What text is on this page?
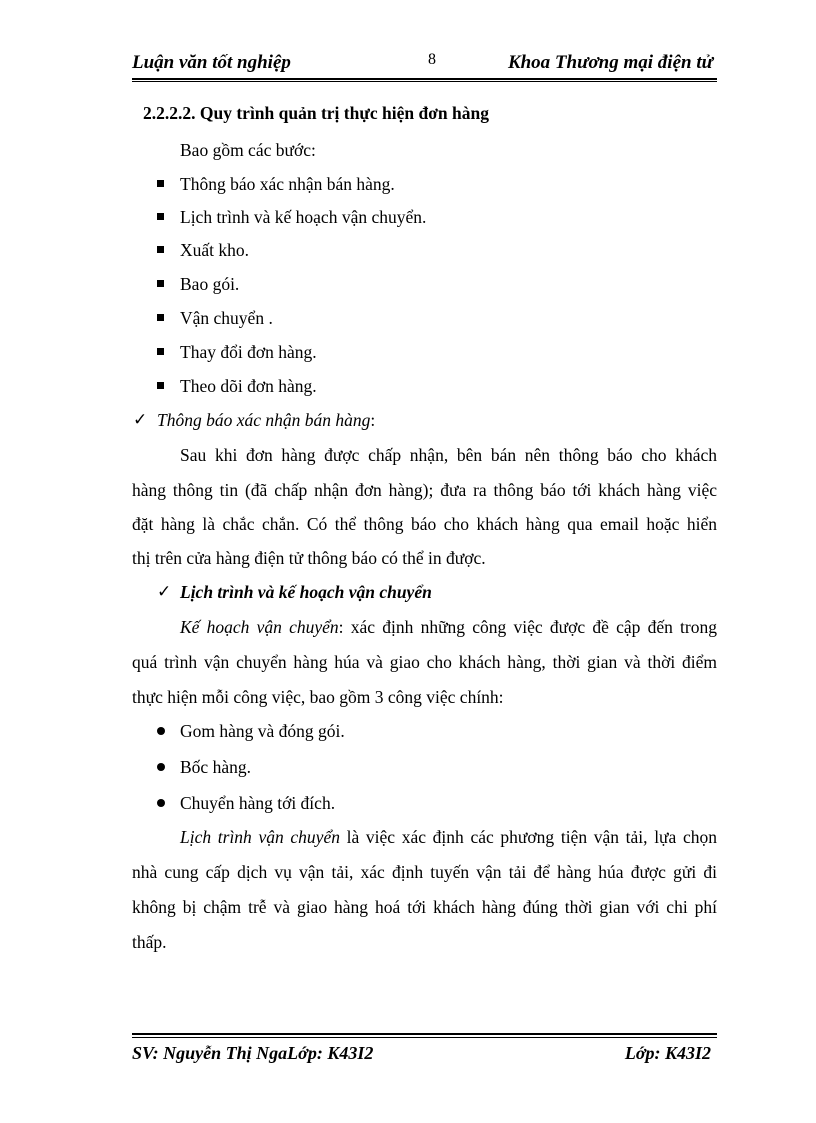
Luận văn tốt nghiệp	8	Khoa Thương mại điện tử
2.2.2.2. Quy trình quản trị thực hiện đơn hàng
Bao gồm các bước:
Thông báo xác nhận bán hàng.
Lịch trình và kế hoạch vận chuyển.
Xuất kho.
Bao gói.
Vận chuyển .
Thay đổi đơn hàng.
Theo dõi đơn hàng.
✓ Thông báo xác nhận bán hàng:
Sau khi đơn hàng được chấp nhận, bên bán nên thông báo cho khách
hàng thông tin (đã chấp nhận đơn hàng); đưa ra thông báo tới khách hàng việc
đặt hàng là chắc chắn. Có thể thông báo cho khách hàng qua email hoặc hiển
thị trên cửa hàng điện tử thông báo có thể in được.
✓ Lịch trình và kế hoạch vận chuyển
Kế hoạch vận chuyển: xác định những công việc được đề cập đến trong
quá trình vận chuyển hàng húa và giao cho khách hàng, thời gian và thời điểm
thực hiện mỗi công việc, bao gồm 3 công việc chính:
Gom hàng và đóng gói.
Bốc hàng.
Chuyển hàng tới đích.
Lịch trình vận chuyển là việc xác định các phương tiện vận tải, lựa chọn
nhà cung cấp dịch vụ vận tải, xác định tuyến vận tải để hàng húa được gửi đi
không bị chậm trễ và giao hàng hoá tới khách hàng đúng thời gian với chi phí
thấp.
SV: Nguyễn Thị NgaLớp: K43I2	Lớp: K43I2
